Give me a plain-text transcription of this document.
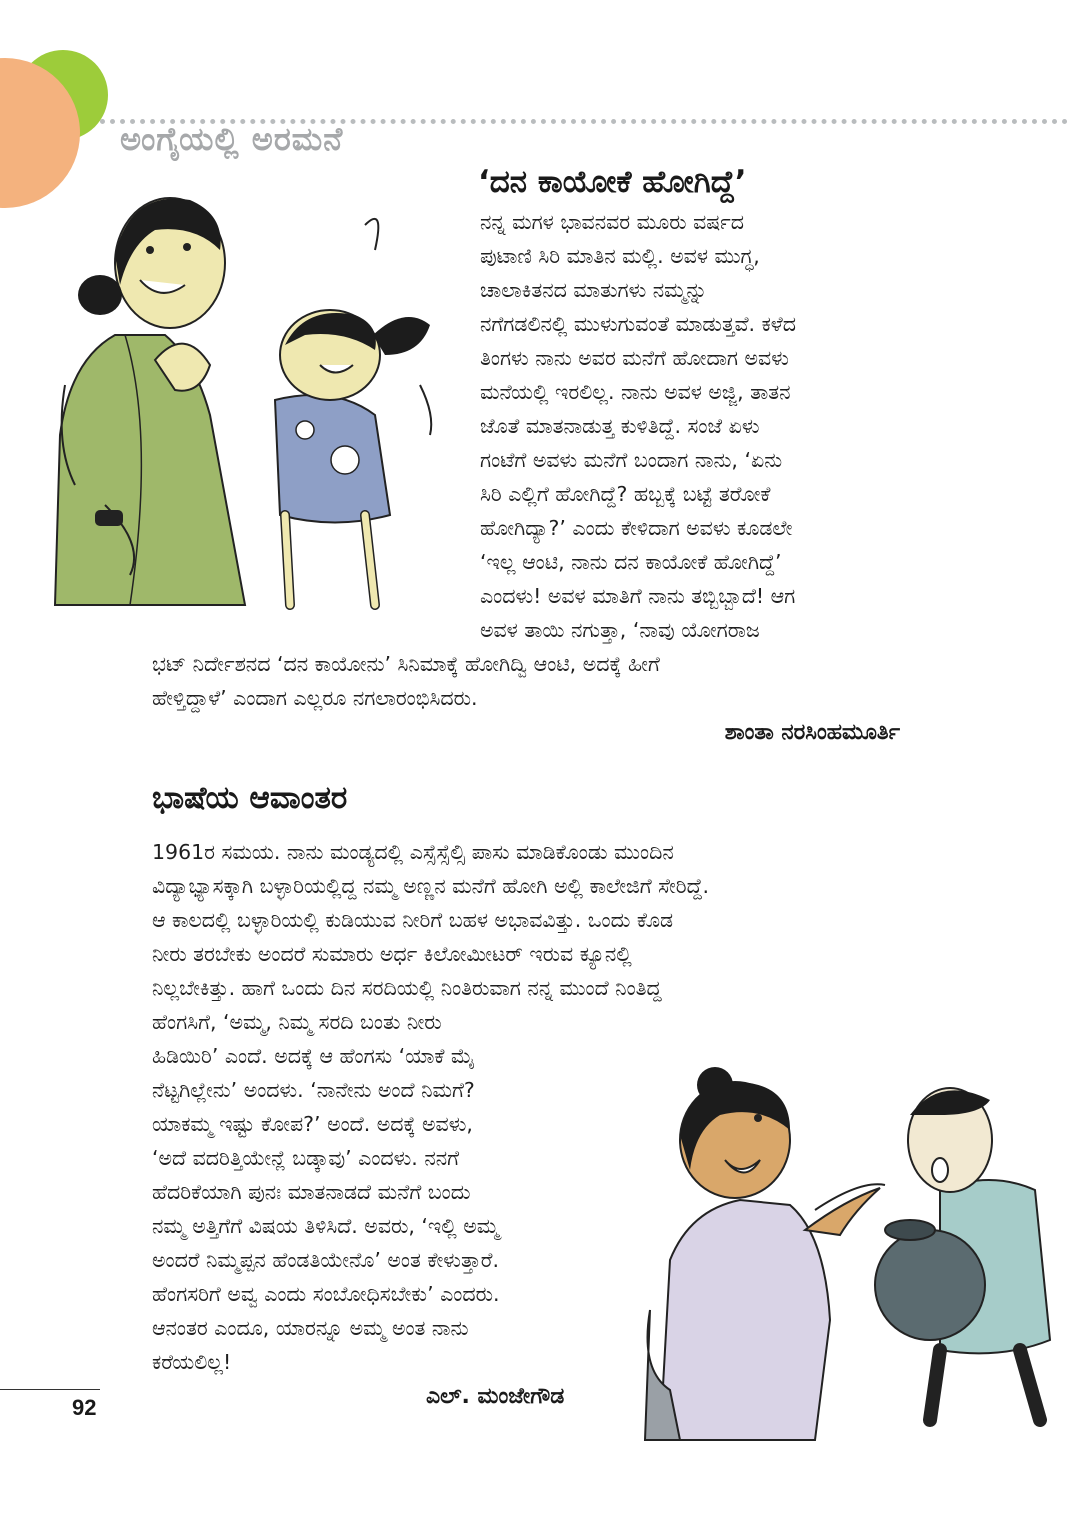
ಅಂಗೈಯಲ್ಲಿ ಅರಮನೆ
‘ದನ ಕಾಯೋಕೆ ಹೋಗಿದ್ದೆ’
ನನ್ನ ಮಗಳ ಭಾವನವರ ಮೂರು ವರ್ಷದ
ಪುಟಾಣಿ ಸಿರಿ ಮಾತಿನ ಮಲ್ಲಿ. ಅವಳ ಮುಗ್ಧ,
ಚಾಲಾಕಿತನದ ಮಾತುಗಳು ನಮ್ಮನ್ನು
ನಗೆಗಡಲಿನಲ್ಲಿ ಮುಳುಗುವಂತೆ ಮಾಡುತ್ತವೆ. ಕಳೆದ
ತಿಂಗಳು ನಾನು ಅವರ ಮನೆಗೆ ಹೋದಾಗ ಅವಳು
ಮನೆಯಲ್ಲಿ ಇರಲಿಲ್ಲ. ನಾನು ಅವಳ ಅಜ್ಜಿ, ತಾತನ
ಜೊತೆ ಮಾತನಾಡುತ್ತ ಕುಳಿತಿದ್ದೆ. ಸಂಜೆ ಏಳು
ಗಂಟೆಗೆ ಅವಳು ಮನೆಗೆ ಬಂದಾಗ ನಾನು, ‘ಏನು
ಸಿರಿ ಎಲ್ಲಿಗೆ ಹೋಗಿದ್ದೆ? ಹಬ್ಬಕ್ಕೆ ಬಟ್ಟೆ ತರೋಕೆ
ಹೋಗಿದ್ಯಾ?’ ಎಂದು ಕೇಳಿದಾಗ ಅವಳು ಕೂಡಲೇ
‘ಇಲ್ಲ ಆಂಟಿ, ನಾನು ದನ ಕಾಯೋಕೆ ಹೋಗಿದ್ದೆ’
ಎಂದಳು! ಅವಳ ಮಾತಿಗೆ ನಾನು ತಬ್ಬಿಬ್ಬಾದೆ! ಆಗ
ಅವಳ ತಾಯಿ ನಗುತ್ತಾ, ‘ನಾವು ಯೋಗರಾಜ
ಭಟ್ ನಿರ್ದೇಶನದ ‘ದನ ಕಾಯೋನು’ ಸಿನಿಮಾಕ್ಕೆ ಹೋಗಿದ್ವಿ ಆಂಟಿ, ಅದಕ್ಕೆ ಹೀಗೆ
ಹೇಳ್ತಿದ್ದಾಳೆ’ ಎಂದಾಗ ಎಲ್ಲರೂ ನಗಲಾರಂಭಿಸಿದರು.
ಶಾಂತಾ ನರಸಿಂಹಮೂರ್ತಿ
ಭಾಷೆಯ ಆವಾಂತರ
1961ರ ಸಮಯ. ನಾನು ಮಂಡ್ಯದಲ್ಲಿ ಎಸ್ಸೆಸ್ಸೆಲ್ಸಿ ಪಾಸು ಮಾಡಿಕೊಂಡು ಮುಂದಿನ
ವಿದ್ಯಾಭ್ಯಾಸಕ್ಕಾಗಿ ಬಳ್ಳಾರಿಯಲ್ಲಿದ್ದ ನಮ್ಮ ಅಣ್ಣನ ಮನೆಗೆ ಹೋಗಿ ಅಲ್ಲಿ ಕಾಲೇಜಿಗೆ ಸೇರಿದ್ದೆ.
ಆ ಕಾಲದಲ್ಲಿ ಬಳ್ಳಾರಿಯಲ್ಲಿ ಕುಡಿಯುವ ನೀರಿಗೆ ಬಹಳ ಅಭಾವವಿತ್ತು. ಒಂದು ಕೊಡ
ನೀರು ತರಬೇಕು ಅಂದರೆ ಸುಮಾರು ಅರ್ಧ ಕಿಲೋಮೀಟರ್ ಇರುವ ಕ್ಯೂನಲ್ಲಿ
ನಿಲ್ಲಬೇಕಿತ್ತು. ಹಾಗೆ ಒಂದು ದಿನ ಸರದಿಯಲ್ಲಿ ನಿಂತಿರುವಾಗ ನನ್ನ ಮುಂದೆ ನಿಂತಿದ್ದ
ಹೆಂಗಸಿಗೆ, ‘ಅಮ್ಮ, ನಿಮ್ಮ ಸರದಿ ಬಂತು ನೀರು
ಹಿಡಿಯಿರಿ’ ಎಂದೆ. ಅದಕ್ಕೆ ಆ ಹೆಂಗಸು ‘ಯಾಕೆ ಮೈ
ನೆಟ್ಟಗಿಲ್ಲೇನು’ ಅಂದಳು. ‘ನಾನೇನು ಅಂದೆ ನಿಮಗೆ?
ಯಾಕಮ್ಮ ಇಷ್ಟು ಕೋಪ?’ ಅಂದೆ. ಅದಕ್ಕೆ ಅವಳು,
‘ಅದೆ ವದರಿತ್ತಿಯೇನ್ಲೆ ಬಡ್ಕಾವು’ ಎಂದಳು. ನನಗೆ
ಹೆದರಿಕೆಯಾಗಿ ಪುನಃ ಮಾತನಾಡದೆ ಮನೆಗೆ ಬಂದು
ನಮ್ಮ ಅತ್ತಿಗೆಗೆ ವಿಷಯ ತಿಳಿಸಿದೆ. ಅವರು, ‘ಇಲ್ಲಿ ಅಮ್ಮ
ಅಂದರೆ ನಿಮ್ಮಪ್ಪನ ಹೆಂಡತಿಯೇನೊ’ ಅಂತ ಕೇಳುತ್ತಾರೆ.
ಹೆಂಗಸರಿಗೆ ಅವ್ವ ಎಂದು ಸಂಬೋಧಿಸಬೇಕು’ ಎಂದರು.
ಆನಂತರ ಎಂದೂ, ಯಾರನ್ನೂ ಅಮ್ಮ ಅಂತ ನಾನು
ಕರೆಯಲಿಲ್ಲ!
ಎಲ್. ಮಂಜೇಗೌಡ
92
